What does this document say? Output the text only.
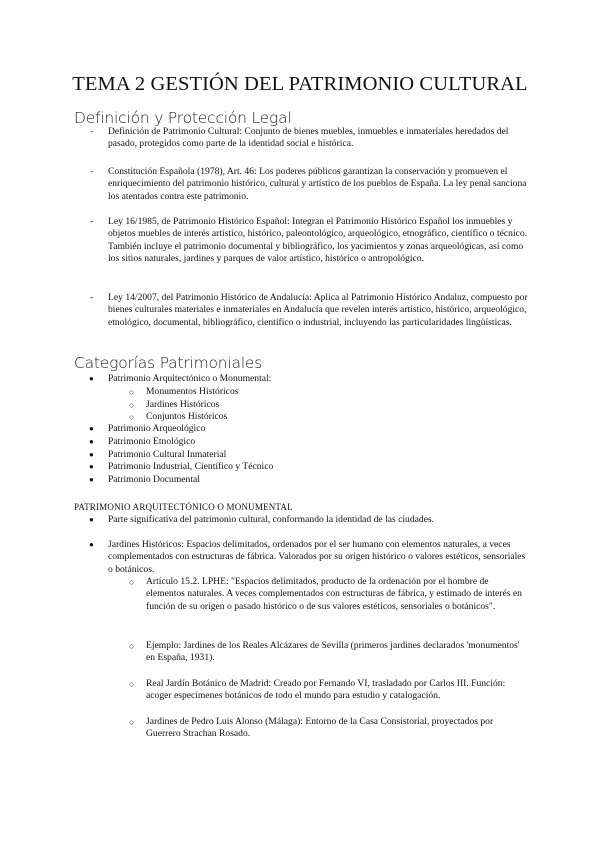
TEMA 2 GESTIÓN DEL PATRIMONIO CULTURAL
Definición y Protección Legal
- Definición de Patrimonio Cultural: Conjunto de bienes muebles, inmuebles e inmateriales heredados del pasado, protegidos como parte de la identidad social e histórica.

- Constitución Española (1978), Art. 46: Los poderes públicos garantizan la conservación y promueven el enriquecimiento del patrimonio histórico, cultural y artístico de los pueblos de España. La ley penal sanciona los atentados contra este patrimonio.

- Ley 16/1985, de Patrimonio Histórico Español: Integran el Patrimonio Histórico Español los inmuebles y objetos muebles de interés artístico, histórico, paleontológico, arqueológico, etnográfico, científico o técnico. También incluye el patrimonio documental y bibliográfico, los yacimientos y zonas arqueológicas, así como los sitios naturales, jardines y parques de valor artístico, histórico o antropológico.

- Ley 14/2007, del Patrimonio Histórico de Andalucía: Aplica al Patrimonio Histórico Andaluz, compuesto por bienes culturales materiales e inmateriales en Andalucía que revelen interés artístico, histórico, arqueológico, etnológico, documental, bibliográfico, científico o industrial, incluyendo las particularidades lingüísticas.

Categorías Patrimoniales
● Patrimonio Arquitectónico o Monumental:

○ Monumentos Históricos

○ Jardines Históricos

○ Conjuntos Históricos

● Patrimonio Arqueológico

● Patrimonio Etnológico

● Patrimonio Cultural Inmaterial

● Patrimonio Industrial, Científico y Técnico

● Patrimonio Documental

PATRIMONIO ARQUITECTÓNICO O MONUMENTAL
● Parte significativa del patrimonio cultural, conformando la identidad de las ciudades.

● Jardines Históricos: Espacios delimitados, ordenados por el ser humano con elementos naturales, a veces complementados con estructuras de fábrica. Valorados por su origen histórico o valores estéticos, sensoriales o botánicos.

○ Artículo 15.2. LPHE: "Espacios delimitados, producto de la ordenación por el hombre de elementos naturales. A veces complementados con estructuras de fábrica, y estimado de interés en función de su origen o pasado histórico o de sus valores estéticos, sensoriales o botánicos".

○ Ejemplo: Jardines de los Reales Alcázares de Sevilla (primeros jardines declarados 'monumentos' en España, 1931).

○ Real Jardín Botánico de Madrid: Creado por Fernando VI, trasladado por Carlos III. Función: acoger especímenes botánicos de todo el mundo para estudio y catalogación.

○ Jardines de Pedro Luis Alonso (Málaga): Entorno de la Casa Consistorial, proyectados por Guerrero Strachan Rosado.
